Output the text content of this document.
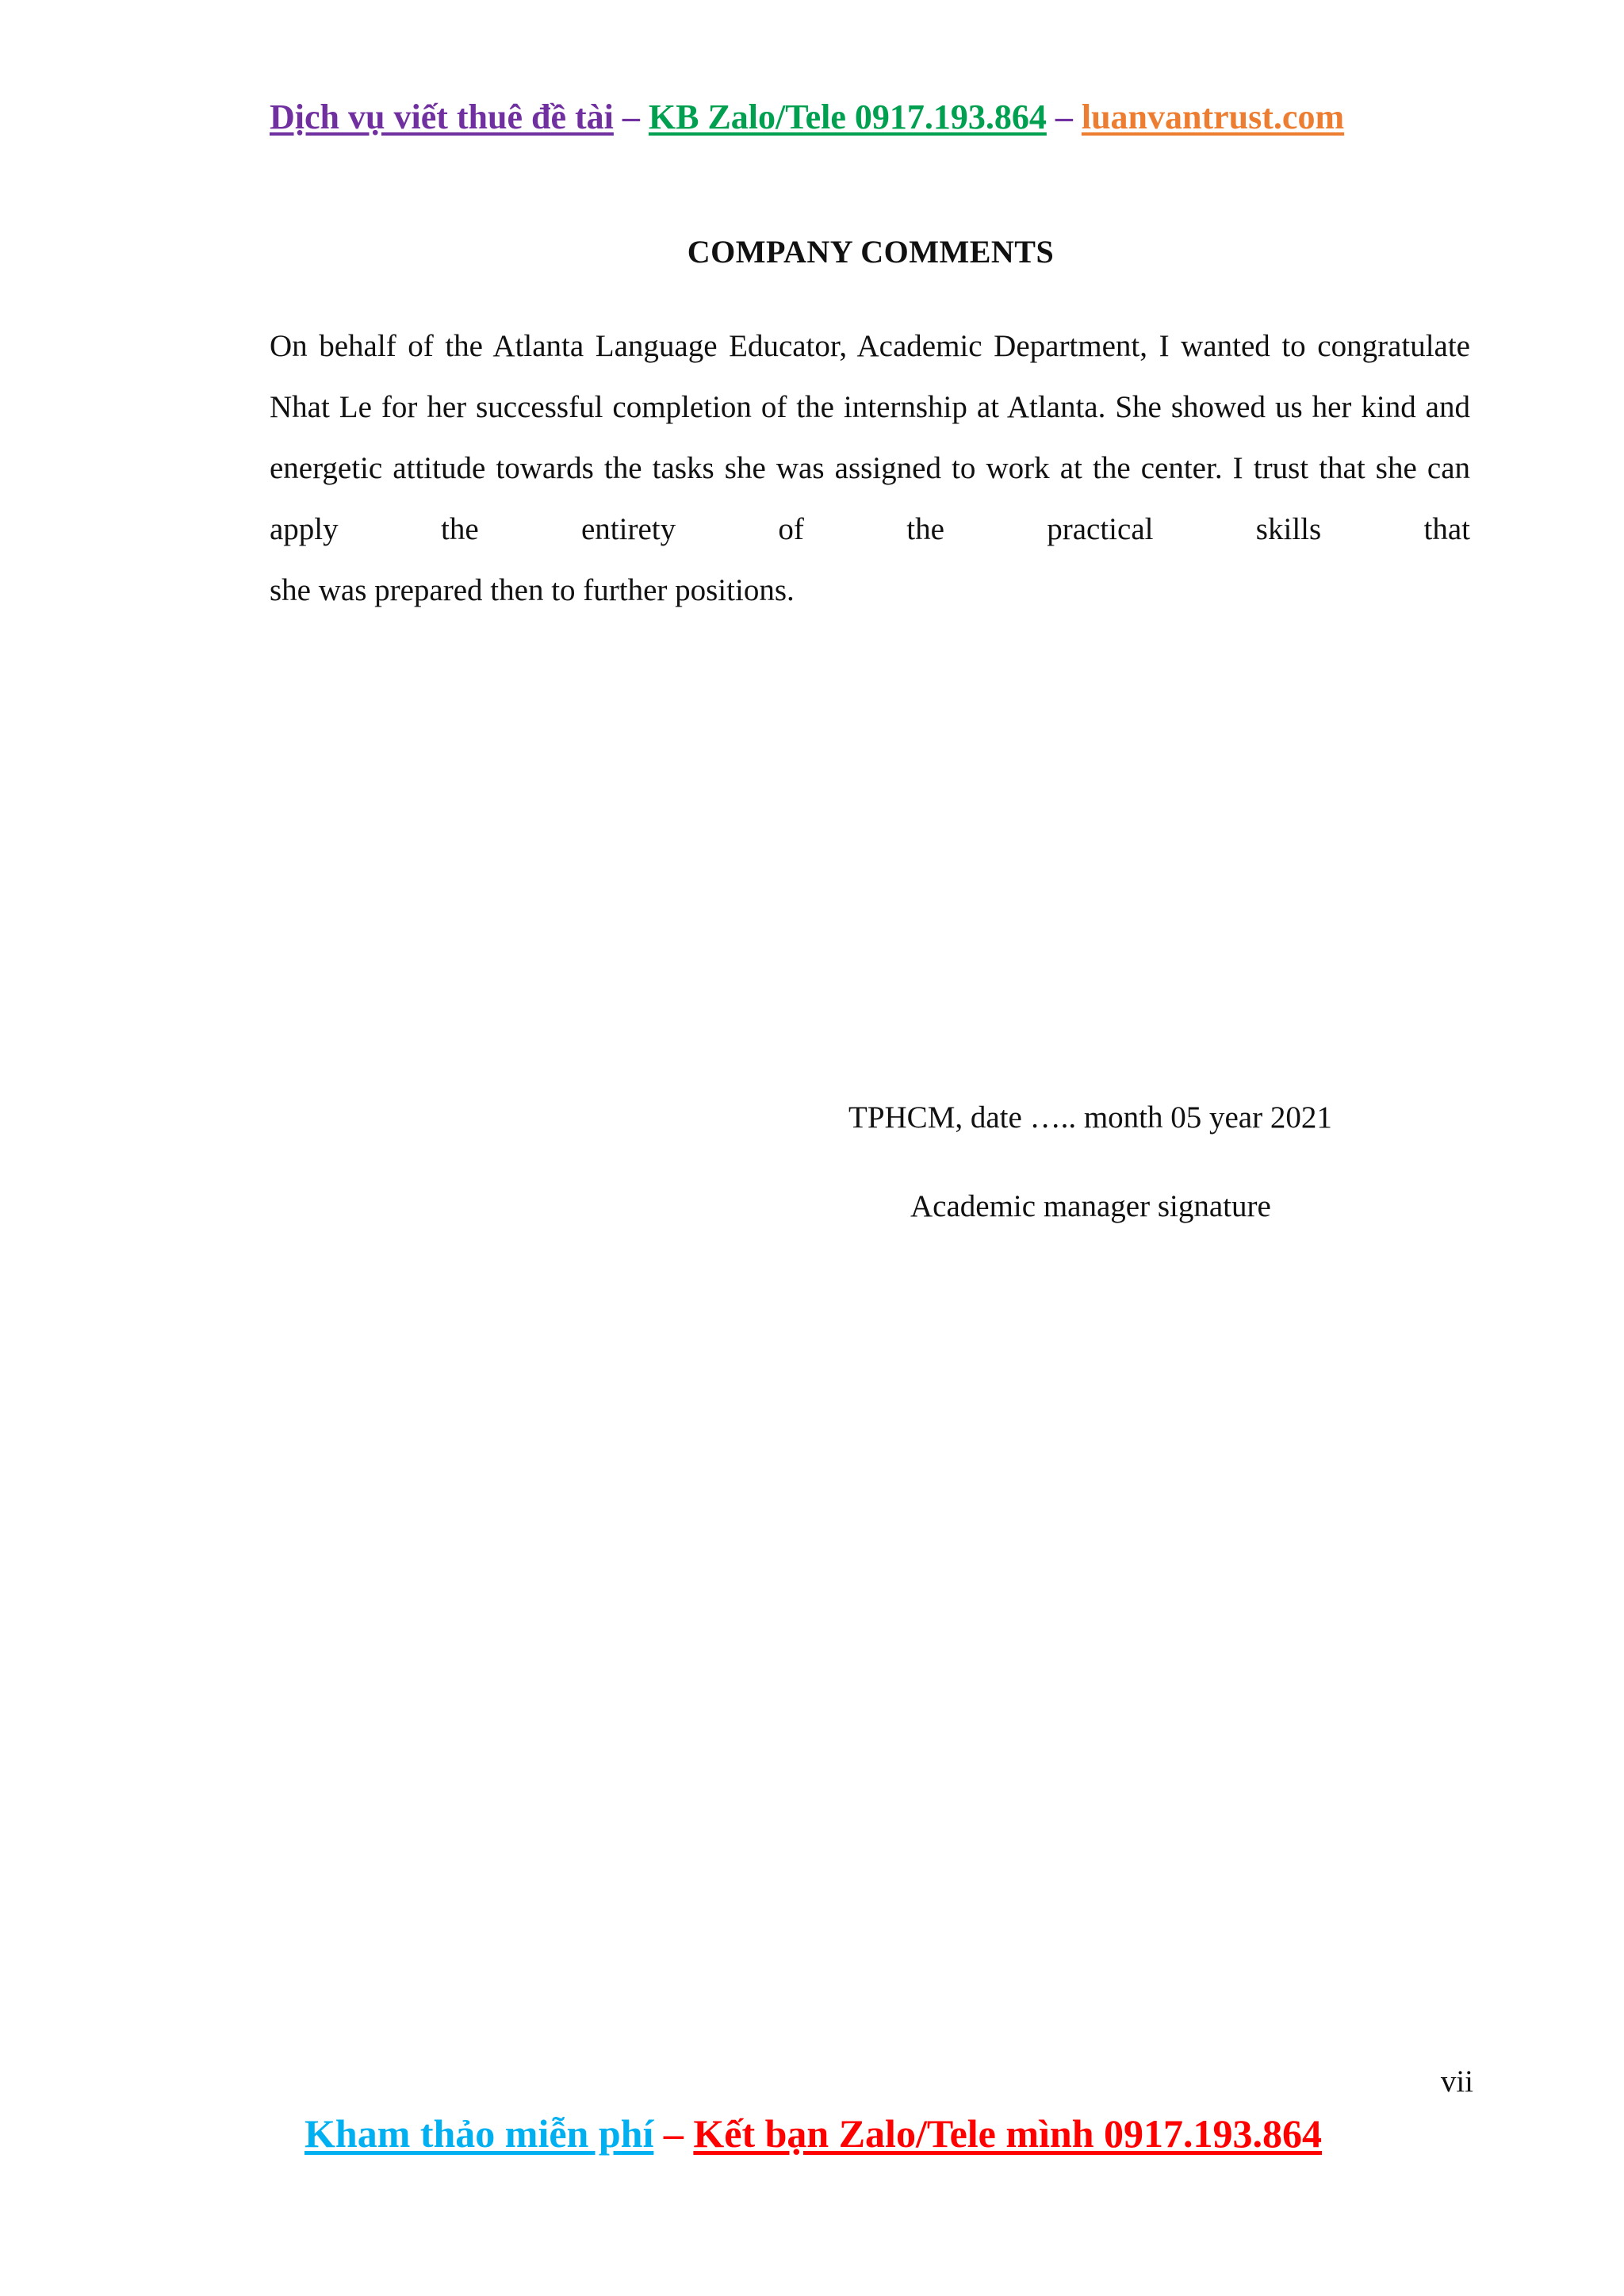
Dịch vụ viết thuê đề tài – KB Zalo/Tele 0917.193.864 – luanvantrust.com
COMPANY COMMENTS
On behalf of the Atlanta Language Educator, Academic Department, I wanted to congratulate Nhat Le for her successful completion of the internship at Atlanta. She showed us her kind and energetic attitude towards the tasks she was assigned to work at the center. I trust that she can apply the entirety of the practical skills that
she was prepared then to further positions.
TPHCM, date ….. month 05 year 2021
Academic manager signature
vii
Kham thảo miễn phí – Kết bạn Zalo/Tele mình 0917.193.864
